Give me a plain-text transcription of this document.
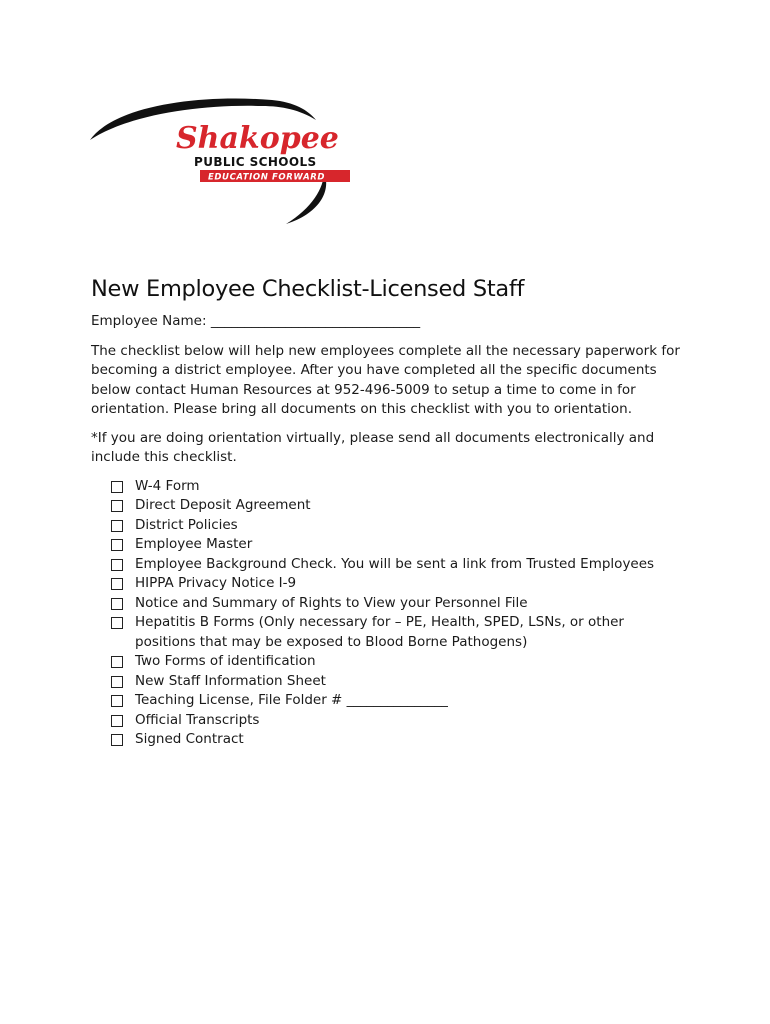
Shakopee
PUBLIC SCHOOLS
EDUCATION FORWARD
New Employee Checklist-Licensed Staff

Employee Name: _______________________________

The checklist below will help new employees complete all the necessary paperwork for becoming a district employee. After you have completed all the specific documents below contact Human Resources at 952-496-5009 to setup a time to come in for orientation. Please bring all documents on this checklist with you to orientation.

*If you are doing orientation virtually, please send all documents electronically and include this checklist.

W-4 Form
Direct Deposit Agreement
District Policies
Employee Master
Employee Background Check. You will be sent a link from Trusted Employees
HIPPA Privacy Notice I-9
Notice and Summary of Rights to View your Personnel File
Hepatitis B Forms (Only necessary for – PE, Health, SPED, LSNs, or other positions that may be exposed to Blood Borne Pathogens)
Two Forms of identification
New Staff Information Sheet
Teaching License, File Folder # _______________
Official Transcripts
Signed Contract
